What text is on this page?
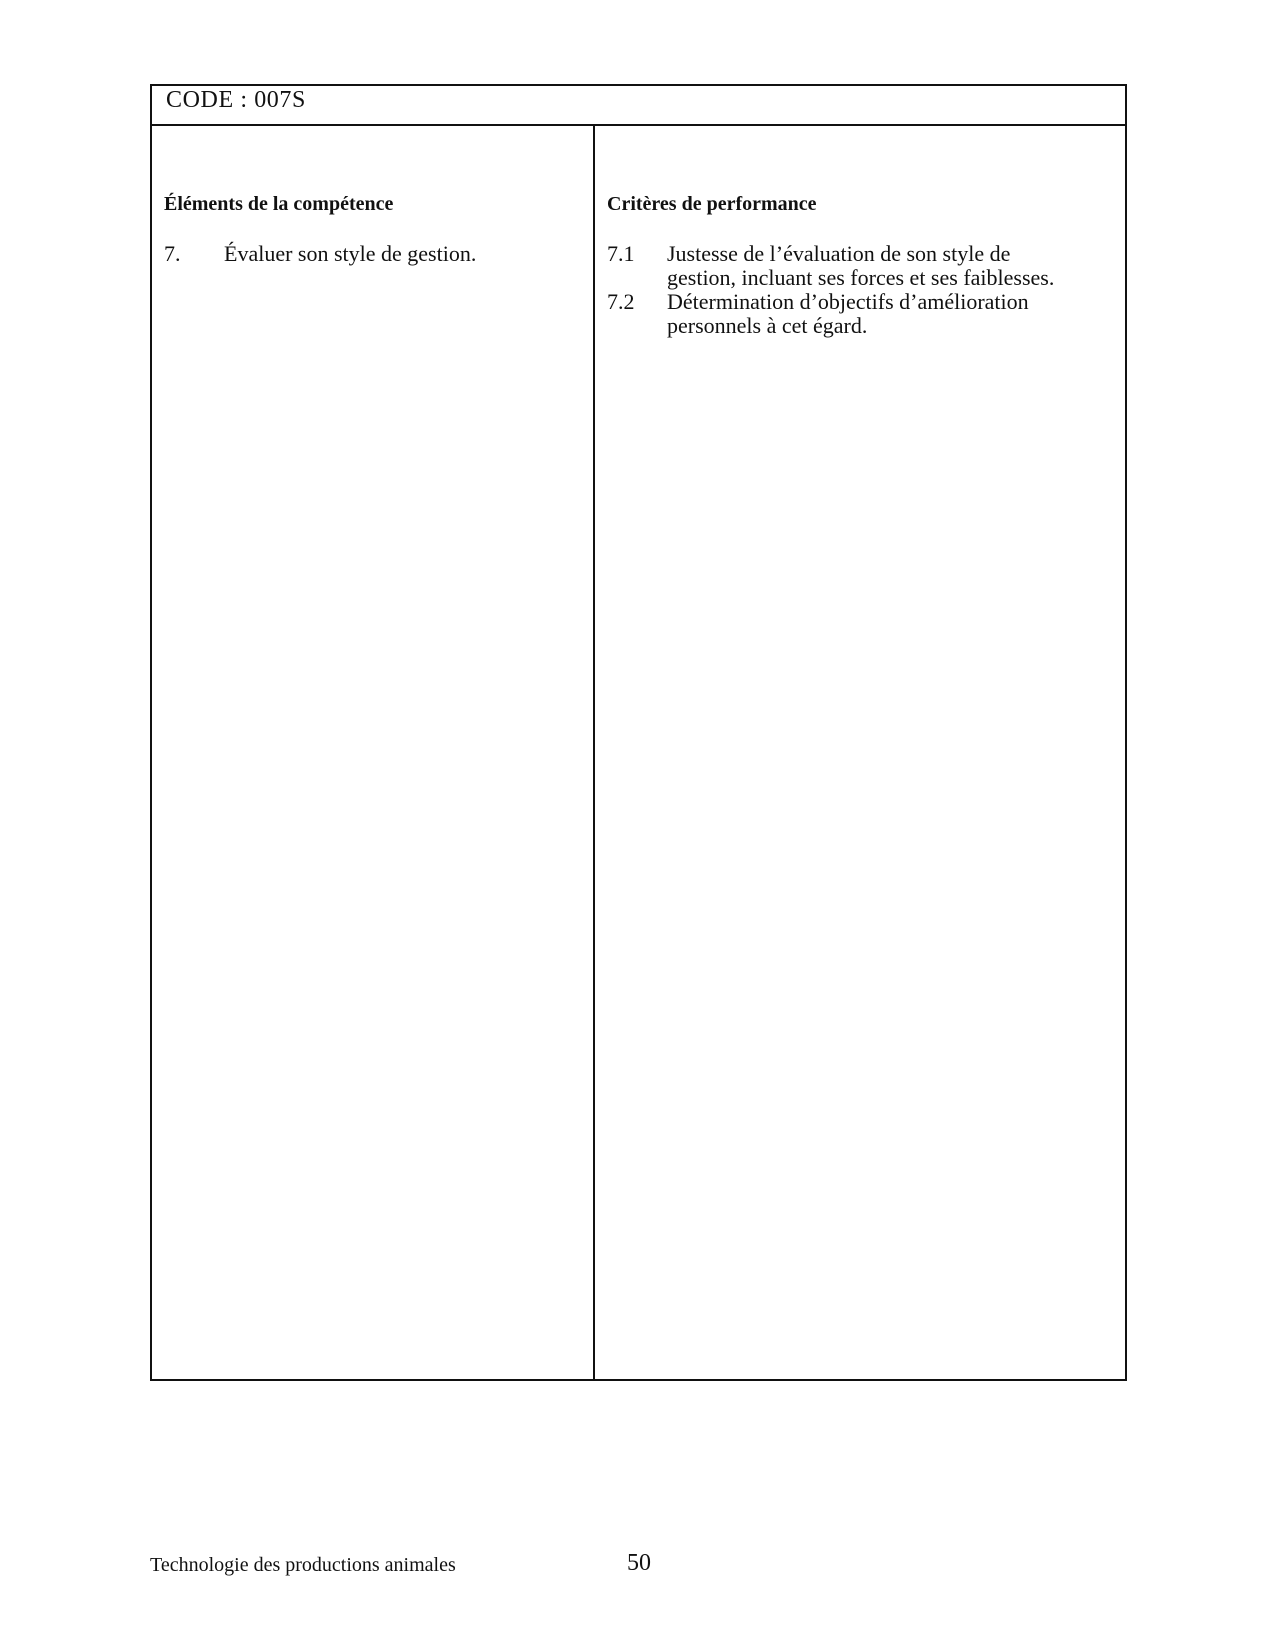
CODE : 007S
Éléments de la compétence
7. Évaluer son style de gestion.
Critères de performance
7.1 Justesse de l’évaluation de son style de
gestion, incluant ses forces et ses faiblesses.
7.2 Détermination d’objectifs d’amélioration
personnels à cet égard.
Technologie des productions animales	50
